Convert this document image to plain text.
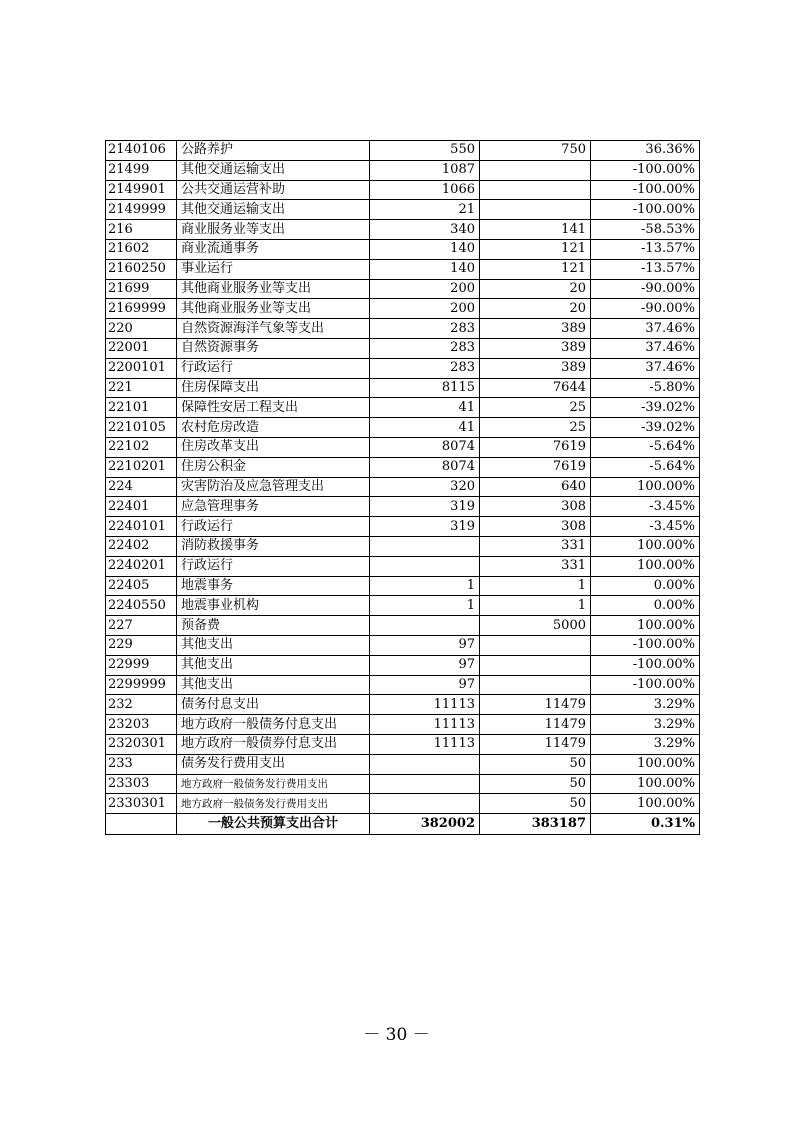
2140106	公路养护	550	750	36.36%
21499	其他交通运输支出	1087		-100.00%
2149901	公共交通运营补助	1066		-100.00%
2149999	其他交通运输支出	21		-100.00%
216	商业服务业等支出	340	141	-58.53%
21602	商业流通事务	140	121	-13.57%
2160250	事业运行	140	121	-13.57%
21699	其他商业服务业等支出	200	20	-90.00%
2169999	其他商业服务业等支出	200	20	-90.00%
220	自然资源海洋气象等支出	283	389	37.46%
22001	自然资源事务	283	389	37.46%
2200101	行政运行	283	389	37.46%
221	住房保障支出	8115	7644	-5.80%
22101	保障性安居工程支出	41	25	-39.02%
2210105	农村危房改造	41	25	-39.02%
22102	住房改革支出	8074	7619	-5.64%
2210201	住房公积金	8074	7619	-5.64%
224	灾害防治及应急管理支出	320	640	100.00%
22401	应急管理事务	319	308	-3.45%
2240101	行政运行	319	308	-3.45%
22402	消防救援事务		331	100.00%
2240201	行政运行		331	100.00%
22405	地震事务	1	1	0.00%
2240550	地震事业机构	1	1	0.00%
227	预备费		5000	100.00%
229	其他支出	97		-100.00%
22999	其他支出	97		-100.00%
2299999	其他支出	97		-100.00%
232	债务付息支出	11113	11479	3.29%
23203	地方政府一般债务付息支出	11113	11479	3.29%
2320301	地方政府一般债券付息支出	11113	11479	3.29%
233	债务发行费用支出		50	100.00%
23303	地方政府一般债务发行费用支出		50	100.00%
2330301	地方政府一般债务发行费用支出		50	100.00%
	一般公共预算支出合计	382002	383187	0.31%
－ 30 －
